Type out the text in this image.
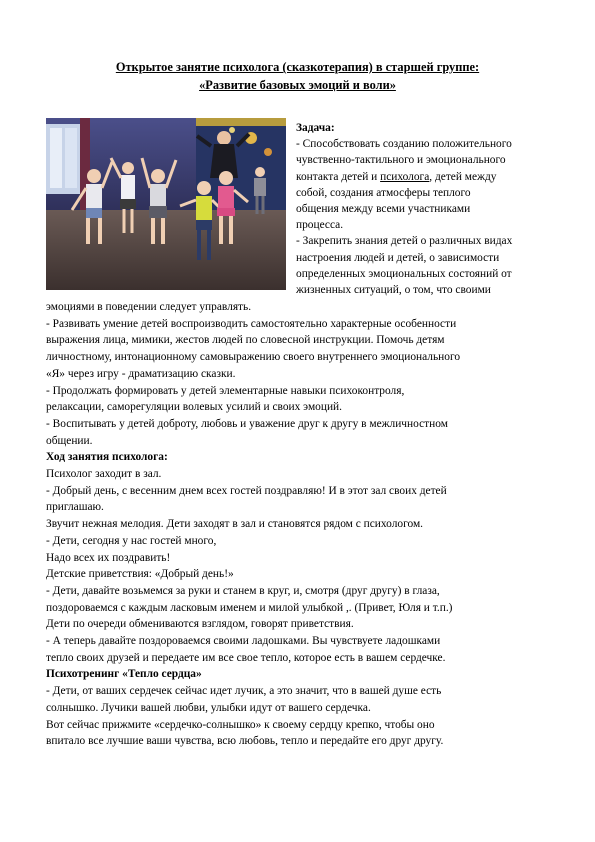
Открытое занятие психолога (сказкотерапия) в старшей группе:
«Развитие базовых эмоций и воли»
Задача:
- Способствовать созданию положительного
чувственно-тактильного и эмоционального
контакта детей и психолога, детей между
собой, создания атмосферы теплого
общения между всеми участниками
процесса.
- Закрепить знания детей о различных видах
настроения людей и детей, о зависимости
определенных эмоциональных состояний от
жизненных ситуаций, о том, что своими
эмоциями в поведении следует управлять.
- Развивать умение детей воспроизводить самостоятельно характерные особенности
выражения лица, мимики, жестов людей по словесной инструкции. Помочь детям
личностному, интонационному самовыражению своего внутреннего эмоционального
«Я» через игру - драматизацию сказки.
- Продолжать формировать у детей элементарные навыки психоконтроля,
релаксации, саморегуляции волевых усилий и своих эмоций.
- Воспитывать у детей доброту, любовь и уважение друг к другу в межличностном
общении.
Ход занятия психолога:
Психолог заходит в зал.
- Добрый день, с весенним днем всех гостей поздравляю! И в этот зал своих детей
приглашаю.
Звучит нежная мелодия. Дети заходят в зал и становятся рядом с психологом.
- Дети, сегодня у нас гостей много,
Надо всех их поздравить!
Детские приветствия: «Добрый день!»
- Дети, давайте возьмемся за руки и станем в круг, и, смотря (друг другу) в глаза,
поздороваемся с каждым ласковым именем и милой улыбкой ,. (Привет, Юля и т.п.)
Дети по очереди обмениваются взглядом, говорят приветствия.
- А теперь давайте поздороваемся своими ладошками. Вы чувствуете ладошками
тепло своих друзей и передаете им все свое тепло, которое есть в вашем сердечке.
Психотренинг «Тепло сердца»
- Дети, от ваших сердечек сейчас идет лучик, а это значит, что в вашей душе есть
солнышко. Лучики вашей любви, улыбки идут от вашего сердечка.
Вот сейчас прижмите «сердечко-солнышко» к своему сердцу крепко, чтобы оно
впитало все лучшие ваши чувства, всю любовь, тепло и передайте его друг другу.
